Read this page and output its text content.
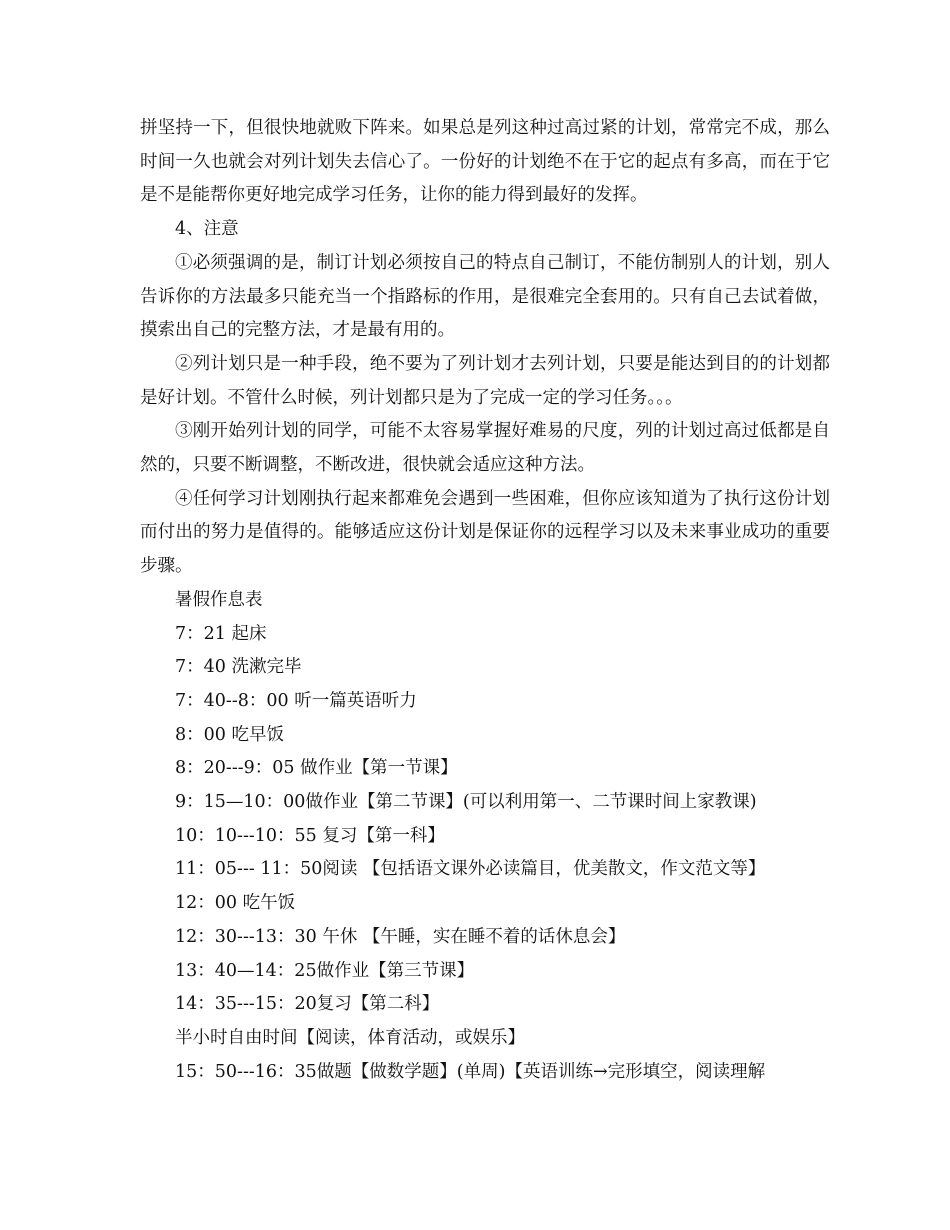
拼坚持一下，但很快地就败下阵来。如果总是列这种过高过紧的计划，常常完不成，那么时间一久也就会对列计划失去信心了。一份好的计划绝不在于它的起点有多高，而在于它是不是能帮你更好地完成学习任务，让你的能力得到最好的发挥。

4、注意

①必须强调的是，制订计划必须按自己的特点自己制订，不能仿制别人的计划，别人告诉你的方法最多只能充当一个指路标的作用，是很难完全套用的。只有自己去试着做，摸索出自己的完整方法，才是最有用的。

②列计划只是一种手段，绝不要为了列计划才去列计划，只要是能达到目的的计划都是好计划。不管什么时候，列计划都只是为了完成一定的学习任务。。。

③刚开始列计划的同学，可能不太容易掌握好难易的尺度，列的计划过高过低都是自然的，只要不断调整，不断改进，很快就会适应这种方法。

④任何学习计划刚执行起来都难免会遇到一些困难，但你应该知道为了执行这份计划而付出的努力是值得的。能够适应这份计划是保证你的远程学习以及未来事业成功的重要步骤。

暑假作息表

7：21 起床

7：40 洗漱完毕

7：40--8：00 听一篇英语听力

8：00 吃早饭

8：20---9：05 做作业【第一节课】

9：15—10：00做作业【第二节课】(可以利用第一、二节课时间上家教课)

10：10---10：55 复习【第一科】

11：05--- 11：50阅读 【包括语文课外必读篇目，优美散文，作文范文等】

12：00 吃午饭

12：30---13：30 午休 【午睡，实在睡不着的话休息会】

13：40—14：25做作业【第三节课】

14：35---15：20复习【第二科】

半小时自由时间【阅读，体育活动，或娱乐】

15：50---16：35做题【做数学题】(单周)【英语训练→完形填空，阅读理解
